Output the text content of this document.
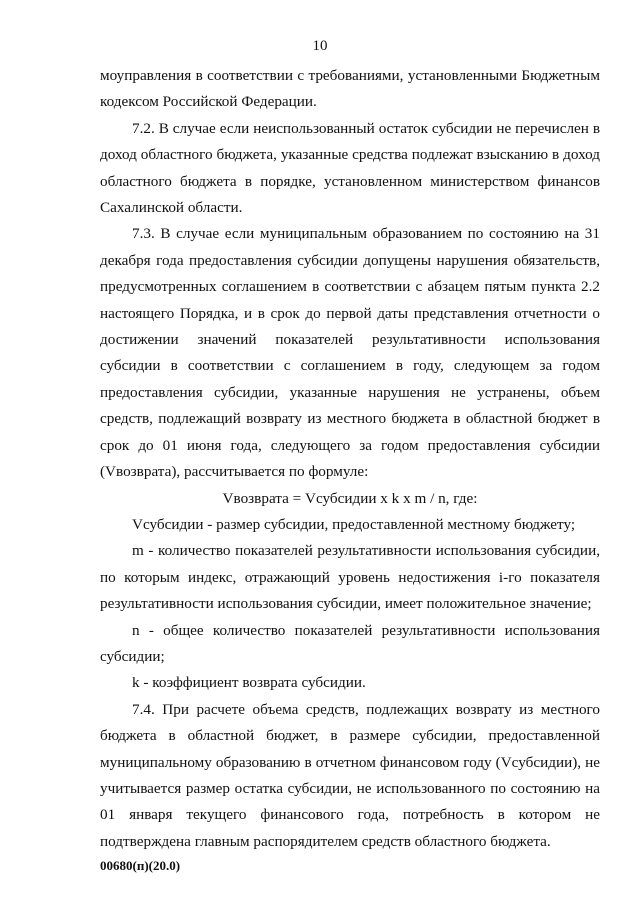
10

моуправления в соответствии с требованиями, установленными Бюджетным кодексом Российской Федерации.

7.2. В случае если неиспользованный остаток субсидии не перечислен в доход областного бюджета, указанные средства подлежат взысканию в доход областного бюджета в порядке, установленном министерством финансов Сахалинской области.

7.3. В случае если муниципальным образованием по состоянию на 31 декабря года предоставления субсидии допущены нарушения обязательств, предусмотренных соглашением в соответствии с абзацем пятым пункта 2.2 настоящего Порядка, и в срок до первой даты представления отчетности о достижении значений показателей результативности использования субсидии в соответствии с соглашением в году, следующем за годом предоставления субсидии, указанные нарушения не устранены, объем средств, подлежащий возврату из местного бюджета в областной бюджет в срок до 01 июня года, следующего за годом предоставления субсидии (Vвозврата), рассчитывается по формуле:

Vвозврата = Vсубсидии x k x m / n, где:

Vсубсидии - размер субсидии, предоставленной местному бюджету;

m - количество показателей результативности использования субсидии, по которым индекс, отражающий уровень недостижения i-го показателя результативности использования субсидии, имеет положительное значение;

n - общее количество показателей результативности использования субсидии;

k - коэффициент возврата субсидии.

7.4. При расчете объема средств, подлежащих возврату из местного бюджета в областной бюджет, в размере субсидии, предоставленной муниципальному образованию в отчетном финансовом году (Vсубсидии), не учитывается размер остатка субсидии, не использованного по состоянию на 01 января текущего финансового года, потребность в котором не подтверждена главным распорядителем средств областного бюджета.

00680(п)(20.0)
